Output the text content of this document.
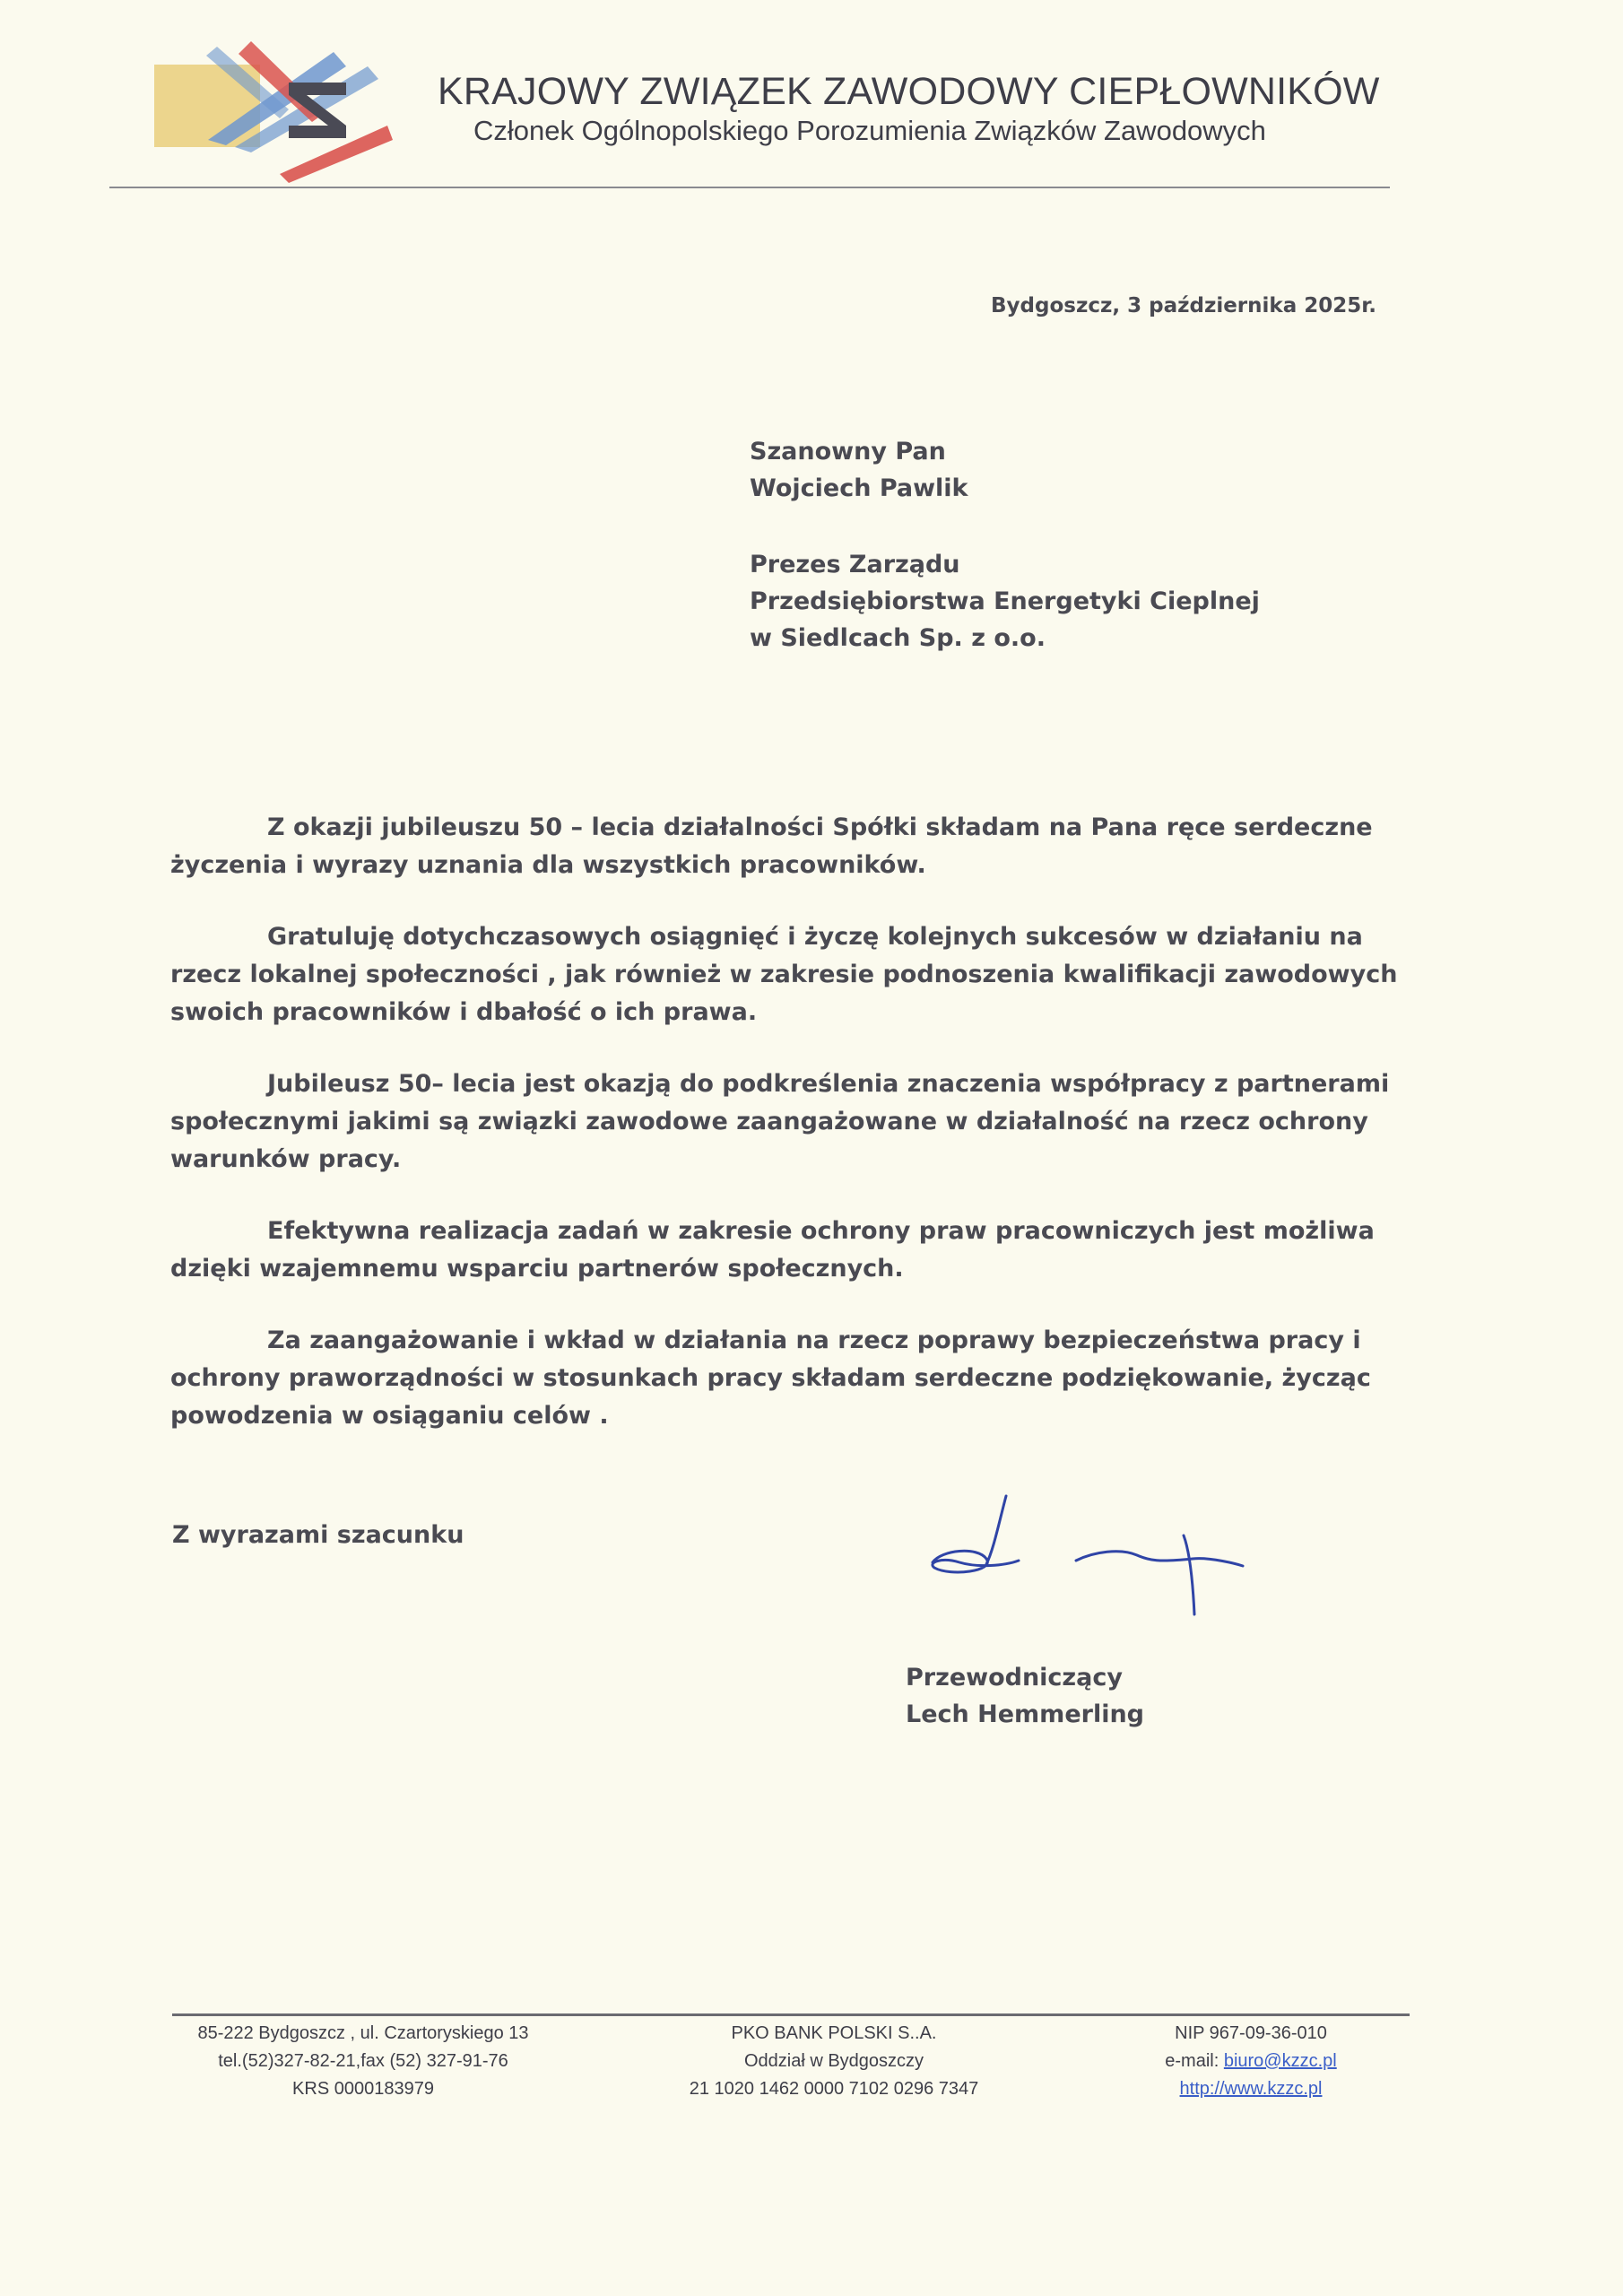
KRAJOWY ZWIĄZEK ZAWODOWY CIEPŁOWNIKÓW
Członek Ogólnopolskiego Porozumienia Związków Zawodowych
Bydgoszcz, 3 października 2025r.
Szanowny Pan
Wojciech Pawlik
Prezes Zarządu
Przedsiębiorstwa Energetyki Cieplnej
w Siedlcach Sp. z o.o.

Z okazji jubileuszu 50 – lecia działalności Spółki składam na Pana ręce serdeczne życzenia i wyrazy uznania dla wszystkich pracowników.

Gratuluję dotychczasowych osiągnięć i życzę kolejnych sukcesów w działaniu na rzecz lokalnej społeczności , jak również w zakresie podnoszenia kwalifikacji zawodowych swoich pracowników i dbałość o ich prawa.

Jubileusz 50– lecia jest okazją do podkreślenia znaczenia współpracy z partnerami społecznymi jakimi są związki zawodowe zaangażowane w działalność na rzecz ochrony warunków pracy.

Efektywna realizacja zadań w zakresie ochrony praw pracowniczych jest możliwa dzięki wzajemnemu wsparciu partnerów społecznych.

Za zaangażowanie i wkład w działania na rzecz poprawy bezpieczeństwa pracy i ochrony praworządności w stosunkach pracy składam serdeczne podziękowanie, życząc powodzenia w osiąganiu celów .

Z wyrazami szacunku
Przewodniczący
Lech Hemmerling
85-222 Bydgoszcz , ul. Czartoryskiego 13
tel.(52)327-82-21,fax (52) 327-91-76
KRS 0000183979
PKO BANK POLSKI S..A.
Oddział w Bydgoszczy
21 1020 1462 0000 7102 0296 7347
NIP 967-09-36-010
e-mail: biuro@kzzc.pl
http://www.kzzc.pl
